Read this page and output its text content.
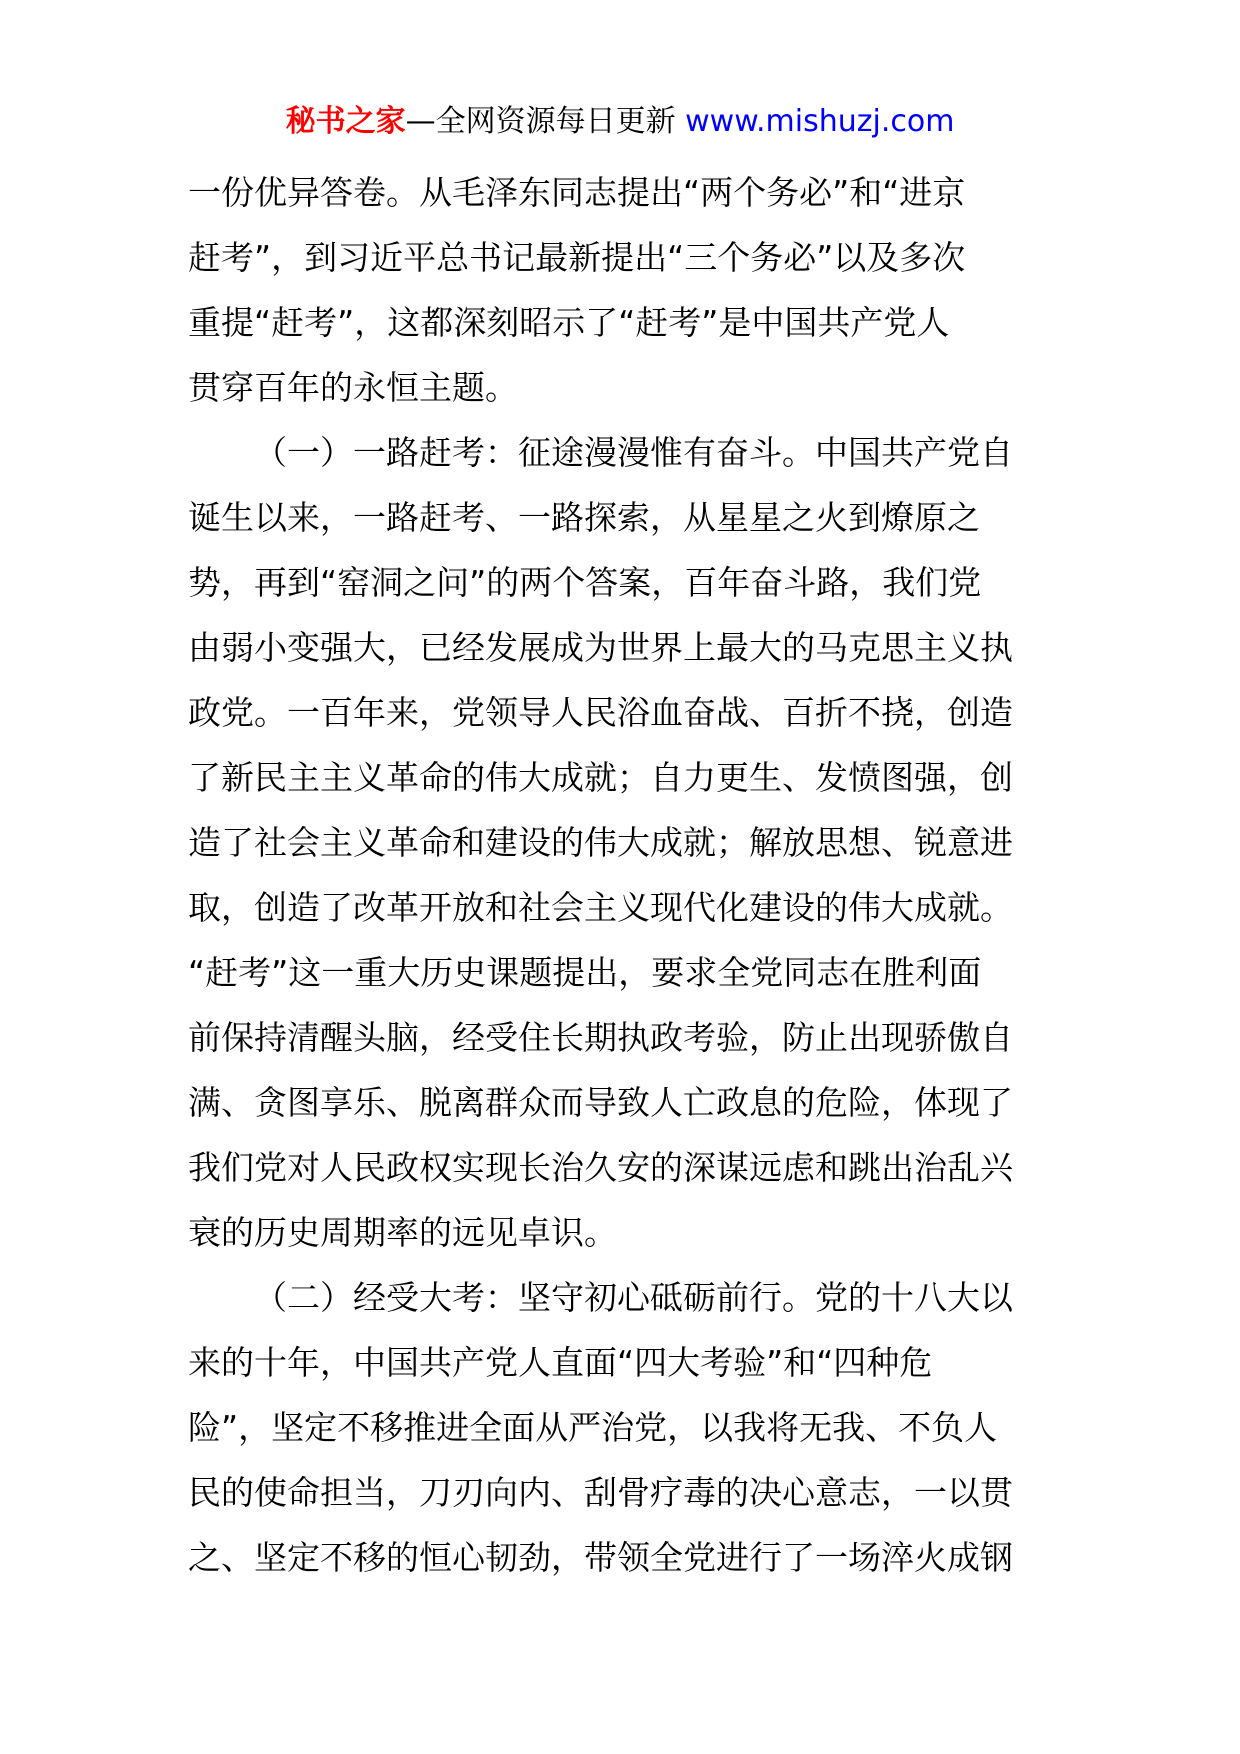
秘书之家—全网资源每日更新 www.mishuzj.com
一份优异答卷。从毛泽东同志提出“两个务必”和“进京
赶考”，到习近平总书记最新提出“三个务必”以及多次
重提“赶考”，这都深刻昭示了“赶考”是中国共产党人
贯穿百年的永恒主题。
（一）一路赶考：征途漫漫惟有奋斗。中国共产党自
诞生以来，一路赶考、一路探索，从星星之火到燎原之
势，再到“窑洞之问”的两个答案，百年奋斗路，我们党
由弱小变强大，已经发展成为世界上最大的马克思主义执
政党。一百年来，党领导人民浴血奋战、百折不挠，创造
了新民主主义革命的伟大成就；自力更生、发愤图强，创
造了社会主义革命和建设的伟大成就；解放思想、锐意进
取，创造了改革开放和社会主义现代化建设的伟大成就。
“赶考”这一重大历史课题提出，要求全党同志在胜利面
前保持清醒头脑，经受住长期执政考验，防止出现骄傲自
满、贪图享乐、脱离群众而导致人亡政息的危险，体现了
我们党对人民政权实现长治久安的深谋远虑和跳出治乱兴
衰的历史周期率的远见卓识。
（二）经受大考：坚守初心砥砺前行。党的十八大以
来的十年，中国共产党人直面“四大考验”和“四种危
险”，坚定不移推进全面从严治党，以我将无我、不负人
民的使命担当，刀刃向内、刮骨疗毒的决心意志，一以贯
之、坚定不移的恒心韧劲，带领全党进行了一场淬火成钢
